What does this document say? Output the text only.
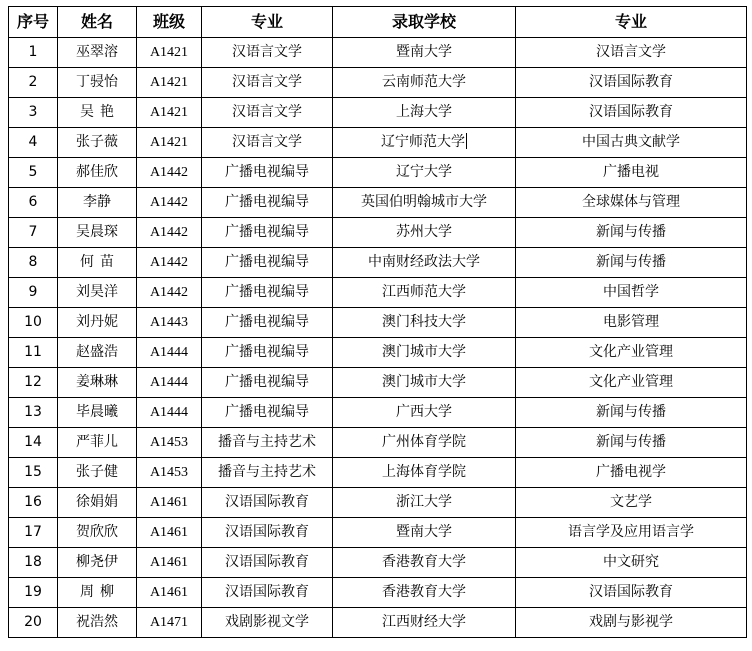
序号	姓名	班级	专业	录取学校	专业
1	巫翠溶	A1421	汉语言文学	暨南大学	汉语言文学
2	丁骎怡	A1421	汉语言文学	云南师范大学	汉语国际教育
3	吴艳	A1421	汉语言文学	上海大学	汉语国际教育
4	张子薇	A1421	汉语言文学	辽宁师范大学	中国古典文献学
5	郝佳欣	A1442	广播电视编导	辽宁大学	广播电视
6	李静	A1442	广播电视编导	英国伯明翰城市大学	全球媒体与管理
7	吴晨琛	A1442	广播电视编导	苏州大学	新闻与传播
8	何苗	A1442	广播电视编导	中南财经政法大学	新闻与传播
9	刘昊洋	A1442	广播电视编导	江西师范大学	中国哲学
10	刘丹妮	A1443	广播电视编导	澳门科技大学	电影管理
11	赵盛浩	A1444	广播电视编导	澳门城市大学	文化产业管理
12	姜琳琳	A1444	广播电视编导	澳门城市大学	文化产业管理
13	毕晨曦	A1444	广播电视编导	广西大学	新闻与传播
14	严菲儿	A1453	播音与主持艺术	广州体育学院	新闻与传播
15	张子健	A1453	播音与主持艺术	上海体育学院	广播电视学
16	徐娟娟	A1461	汉语国际教育	浙江大学	文艺学
17	贺欣欣	A1461	汉语国际教育	暨南大学	语言学及应用语言学
18	柳尧伊	A1461	汉语国际教育	香港教育大学	中文研究
19	周柳	A1461	汉语国际教育	香港教育大学	汉语国际教育
20	祝浩然	A1471	戏剧影视文学	江西财经大学	戏剧与影视学
